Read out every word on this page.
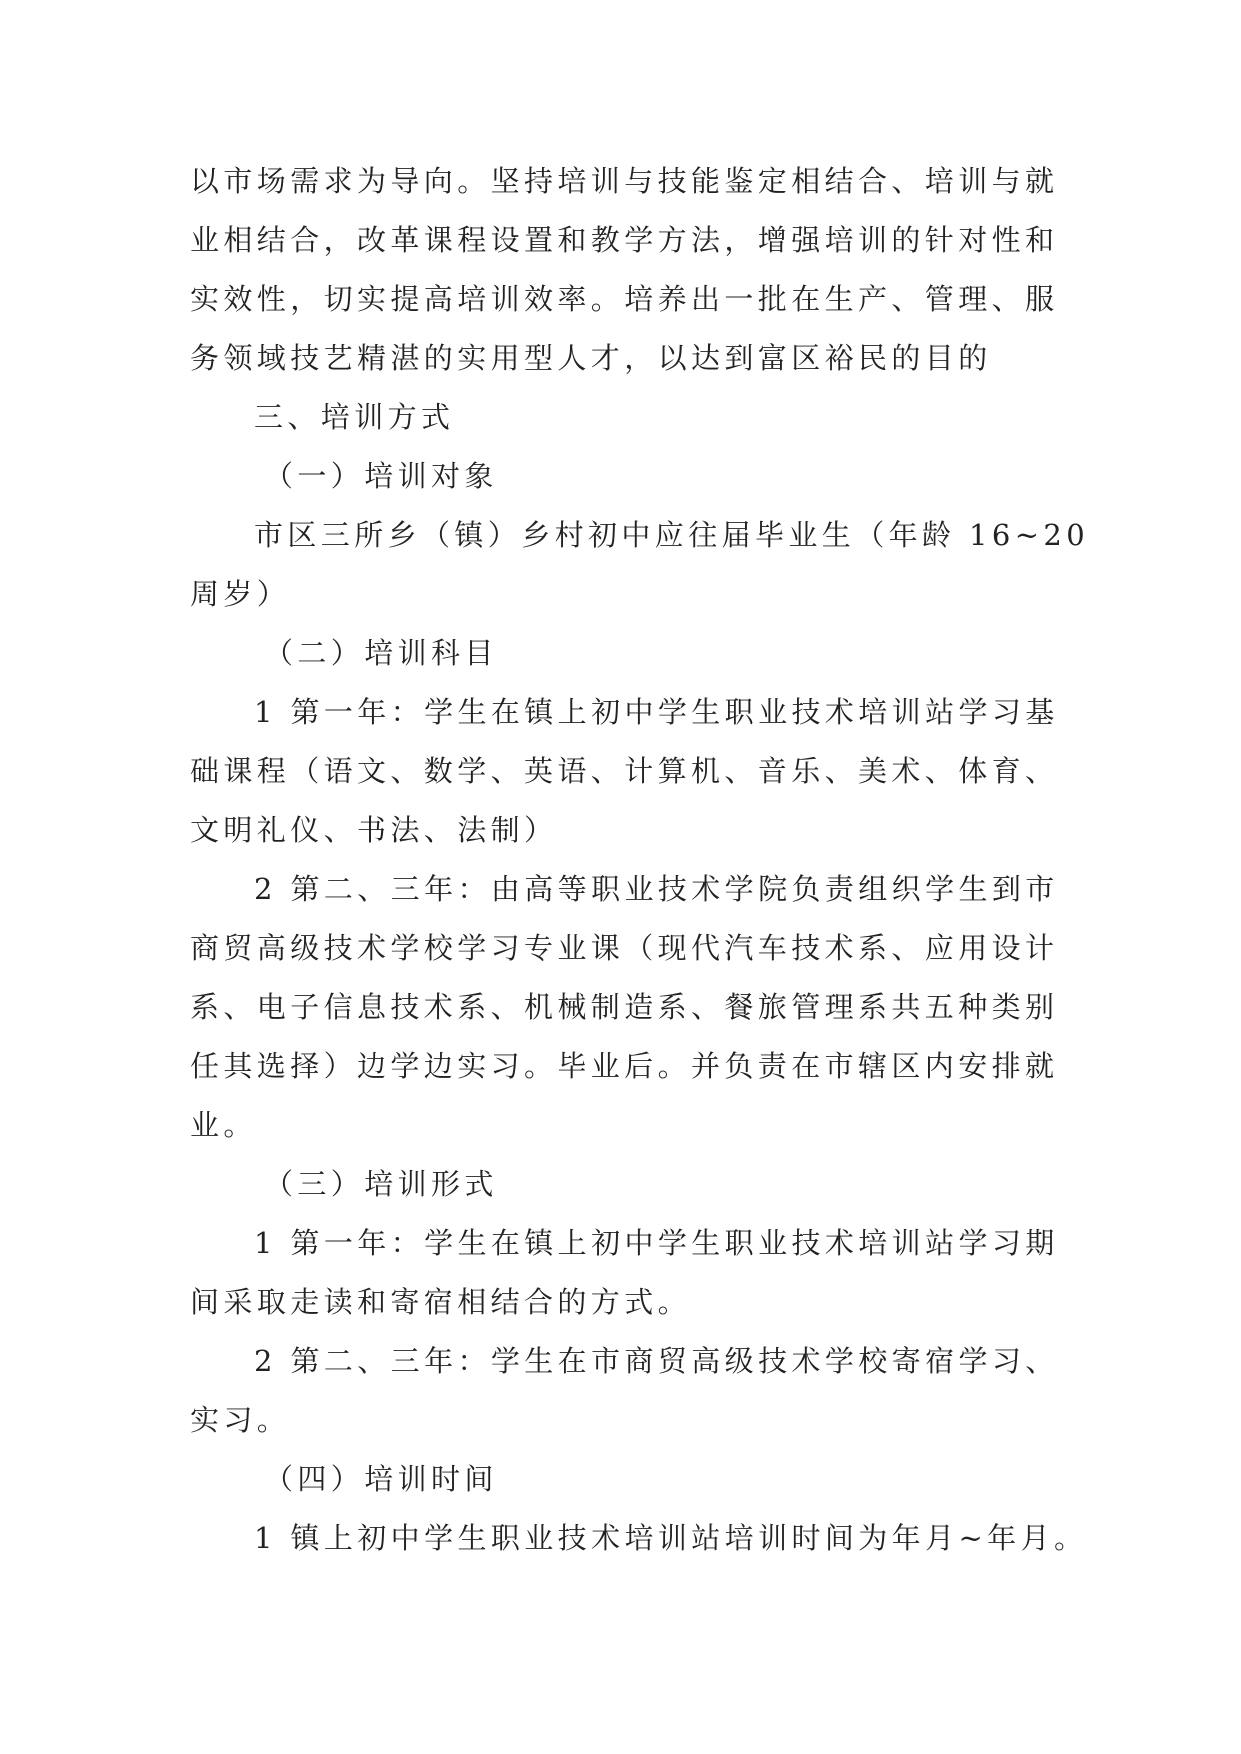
以市场需求为导向。坚持培训与技能鉴定相结合、培训与就
业相结合，改革课程设置和教学方法，增强培训的针对性和
实效性，切实提高培训效率。培养出一批在生产、管理、服
务领域技艺精湛的实用型人才，以达到富区裕民的目的
三、培训方式
（一）培训对象
市区三所乡（镇）乡村初中应往届毕业生（年龄 16~20
周岁）
（二）培训科目
1 第一年：学生在镇上初中学生职业技术培训站学习基
础课程（语文、数学、英语、计算机、音乐、美术、体育、
文明礼仪、书法、法制）
2 第二、三年：由高等职业技术学院负责组织学生到市
商贸高级技术学校学习专业课（现代汽车技术系、应用设计
系、电子信息技术系、机械制造系、餐旅管理系共五种类别
任其选择）边学边实习。毕业后。并负责在市辖区内安排就
业。
（三）培训形式
1 第一年：学生在镇上初中学生职业技术培训站学习期
间采取走读和寄宿相结合的方式。
2 第二、三年：学生在市商贸高级技术学校寄宿学习、
实习。
（四）培训时间
1 镇上初中学生职业技术培训站培训时间为年月~年月。
